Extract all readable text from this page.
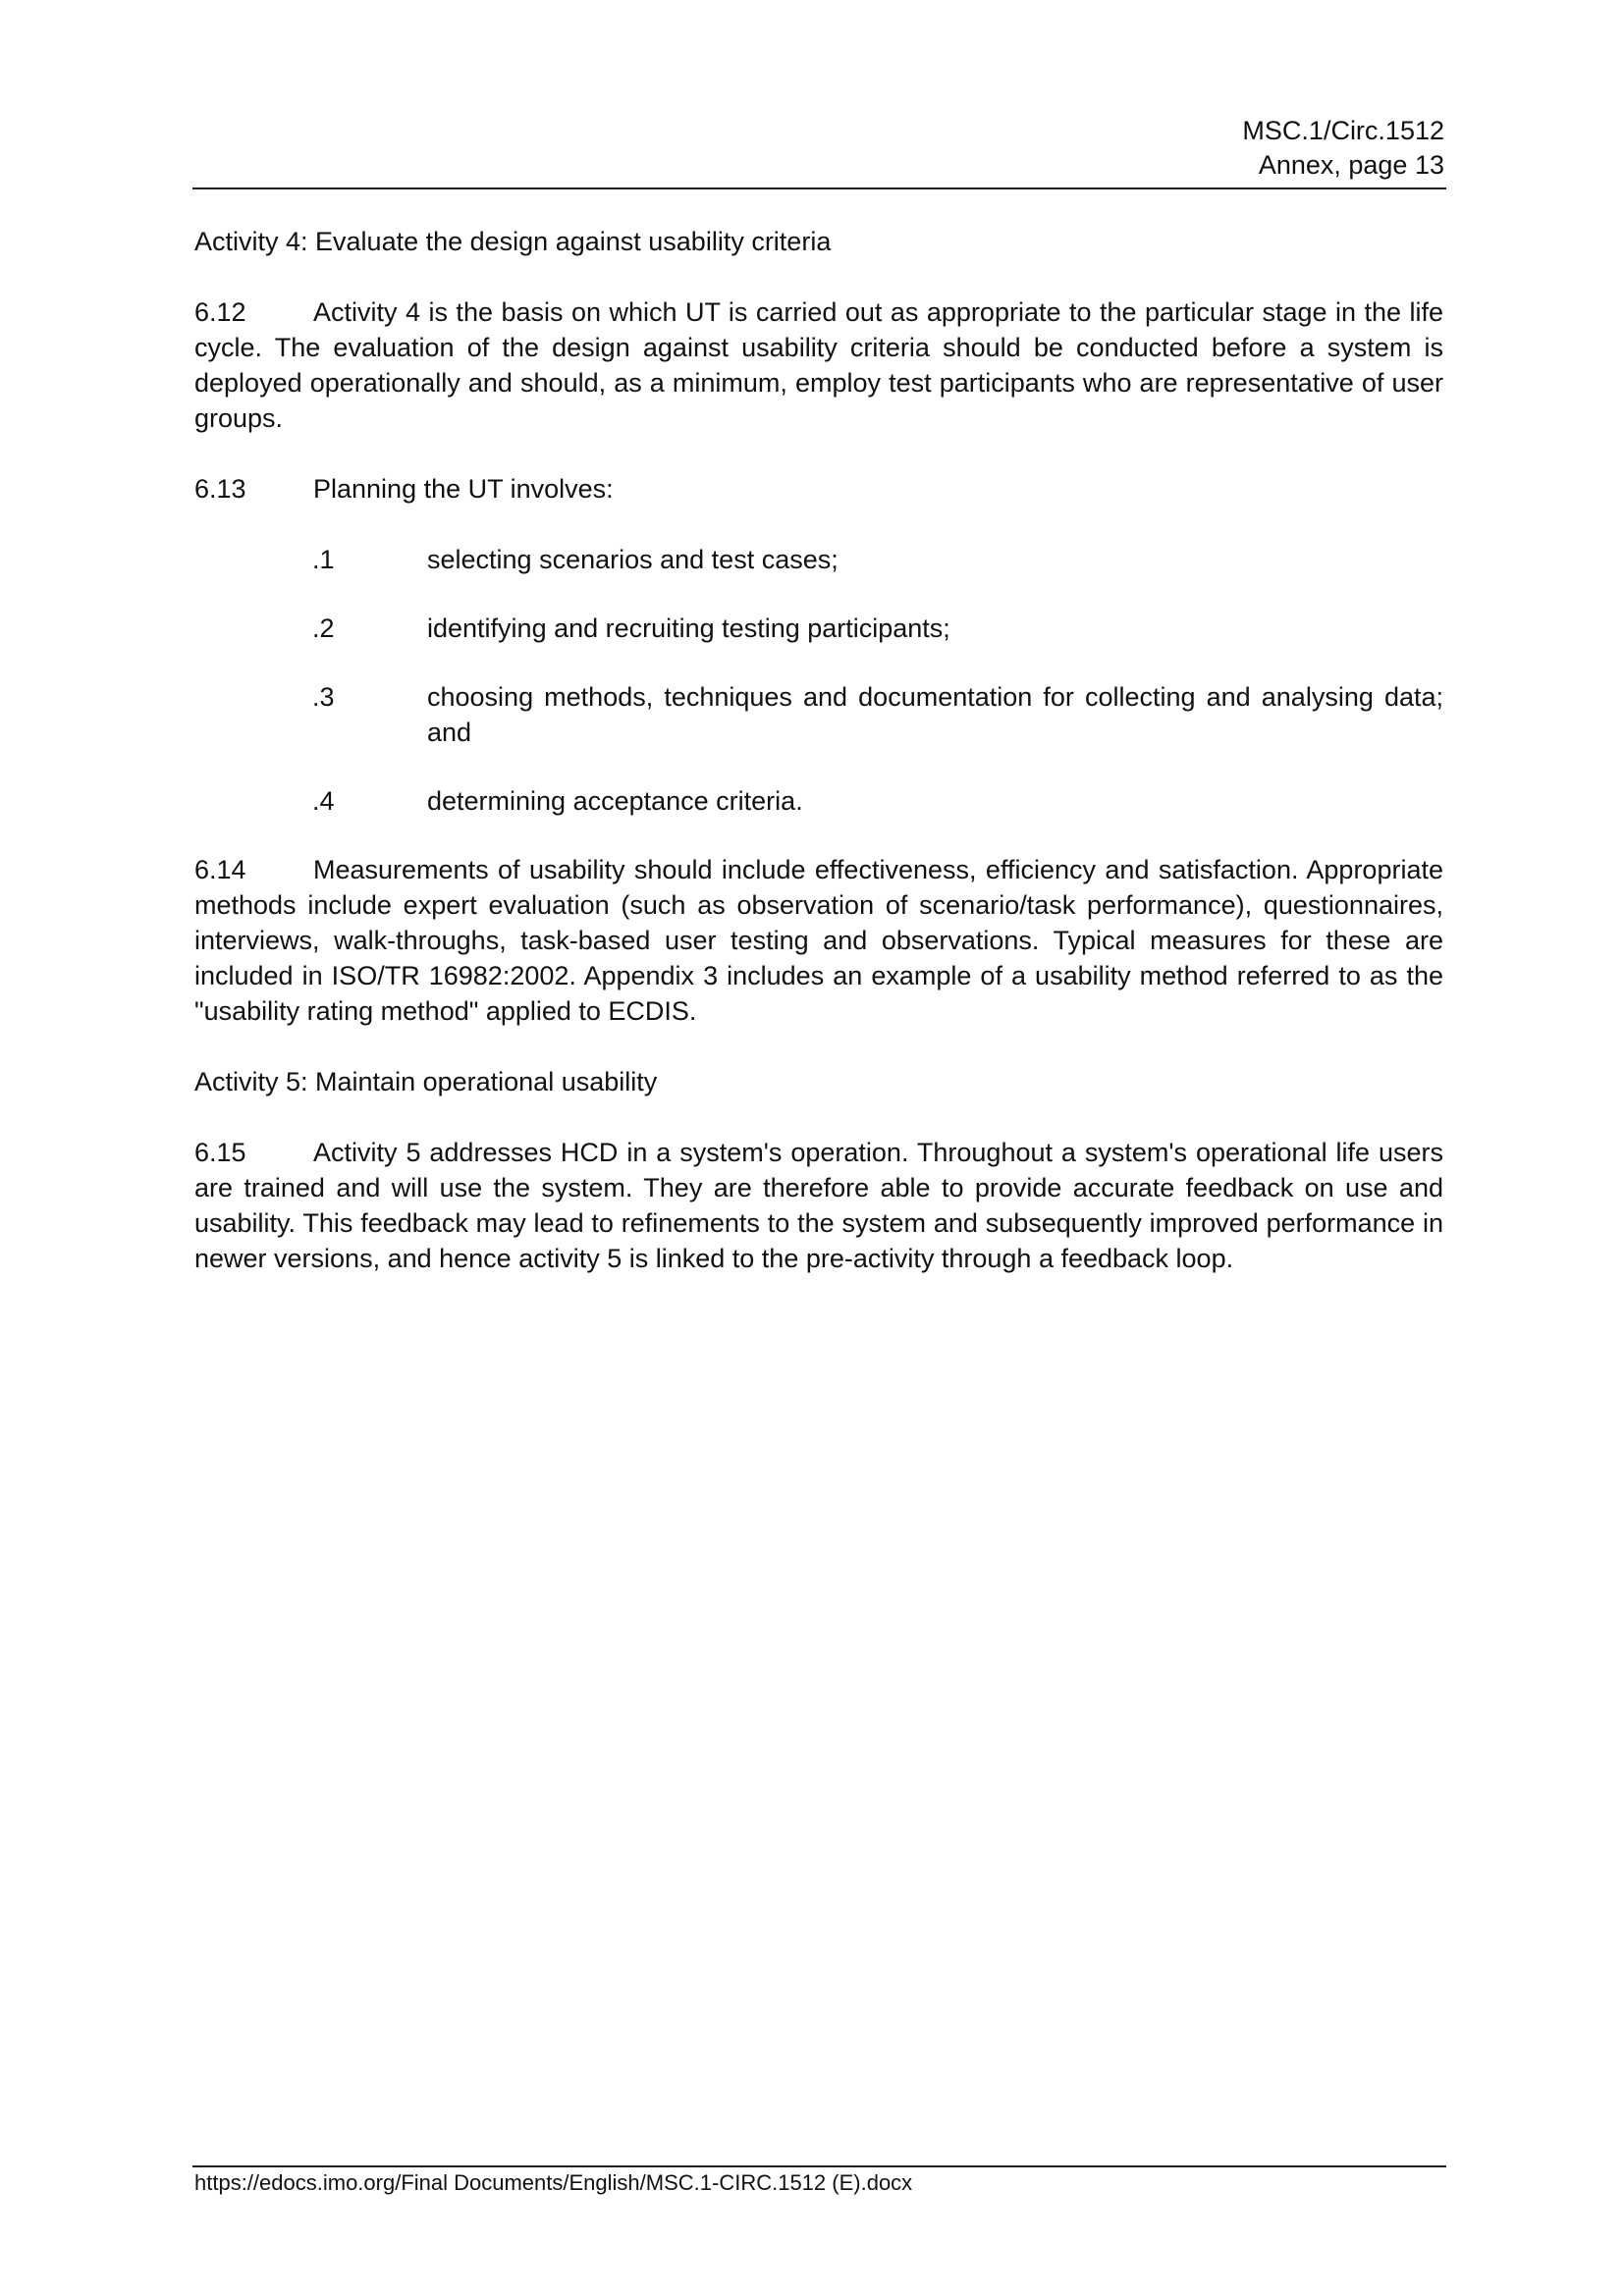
MSC.1/Circ.1512
Annex, page 13

Activity 4: Evaluate the design against usability criteria

6.12	Activity 4 is the basis on which UT is carried out as appropriate to the particular stage in the life cycle. The evaluation of the design against usability criteria should be conducted before a system is deployed operationally and should, as a minimum, employ test participants who are representative of user groups.

6.13	Planning the UT involves:

.1	selecting scenarios and test cases;
.2	identifying and recruiting testing participants;
.3	choosing methods, techniques and documentation for collecting and analysing data; and
.4	determining acceptance criteria.

6.14	Measurements of usability should include effectiveness, efficiency and satisfaction. Appropriate methods include expert evaluation (such as observation of scenario/task performance), questionnaires, interviews, walk-throughs, task-based user testing and observations. Typical measures for these are included in ISO/TR 16982:2002. Appendix 3 includes an example of a usability method referred to as the "usability rating method" applied to ECDIS.

Activity 5: Maintain operational usability

6.15	Activity 5 addresses HCD in a system's operation. Throughout a system's operational life users are trained and will use the system. They are therefore able to provide accurate feedback on use and usability. This feedback may lead to refinements to the system and subsequently improved performance in newer versions, and hence activity 5 is linked to the pre-activity through a feedback loop.

https://edocs.imo.org/Final Documents/English/MSC.1-CIRC.1512 (E).docx
